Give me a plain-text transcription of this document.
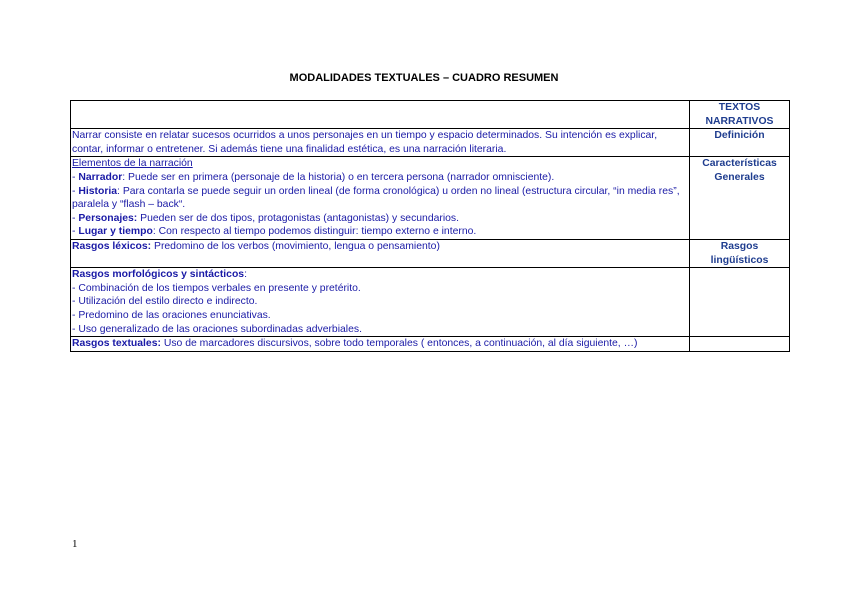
MODALIDADES TEXTUALES – CUADRO RESUMEN
	TEXTOS NARRATIVOS
Narrar consiste en relatar sucesos ocurridos a unos personajes en un tiempo y espacio determinados. Su intención es explicar, contar, informar o entretener. Si además tiene una finalidad estética, es una narración literaria.	Definición

Elementos de la narración
- Narrador: Puede ser en primera (personaje de la historia) o en tercera persona (narrador omnisciente).
- Historia: Para contarla se puede seguir un orden lineal (de forma cronológica) u orden no lineal (estructura circular, “in media res”, paralela y “flash – back“.
- Personajes: Pueden ser de dos tipos, protagonistas (antagonistas) y secundarios.
- Lugar y tiempo: Con respecto al tiempo podemos distinguir: tiempo externo e interno.	Características Generales
Rasgos léxicos: Predomino de los verbos (movimiento, lengua o pensamiento)	Rasgos lingüísticos

Rasgos morfológicos y sintácticos:
- Combinación de los tiempos verbales en presente y pretérito.
- Utilización del estilo directo e indirecto.
- Predomino de las oraciones enunciativas.
- Uso generalizado de las oraciones subordinadas adverbiales.	

Rasgos textuales: Uso de marcadores discursivos, sobre todo temporales ( entonces, a continuación, al día siguiente, …)	
1
